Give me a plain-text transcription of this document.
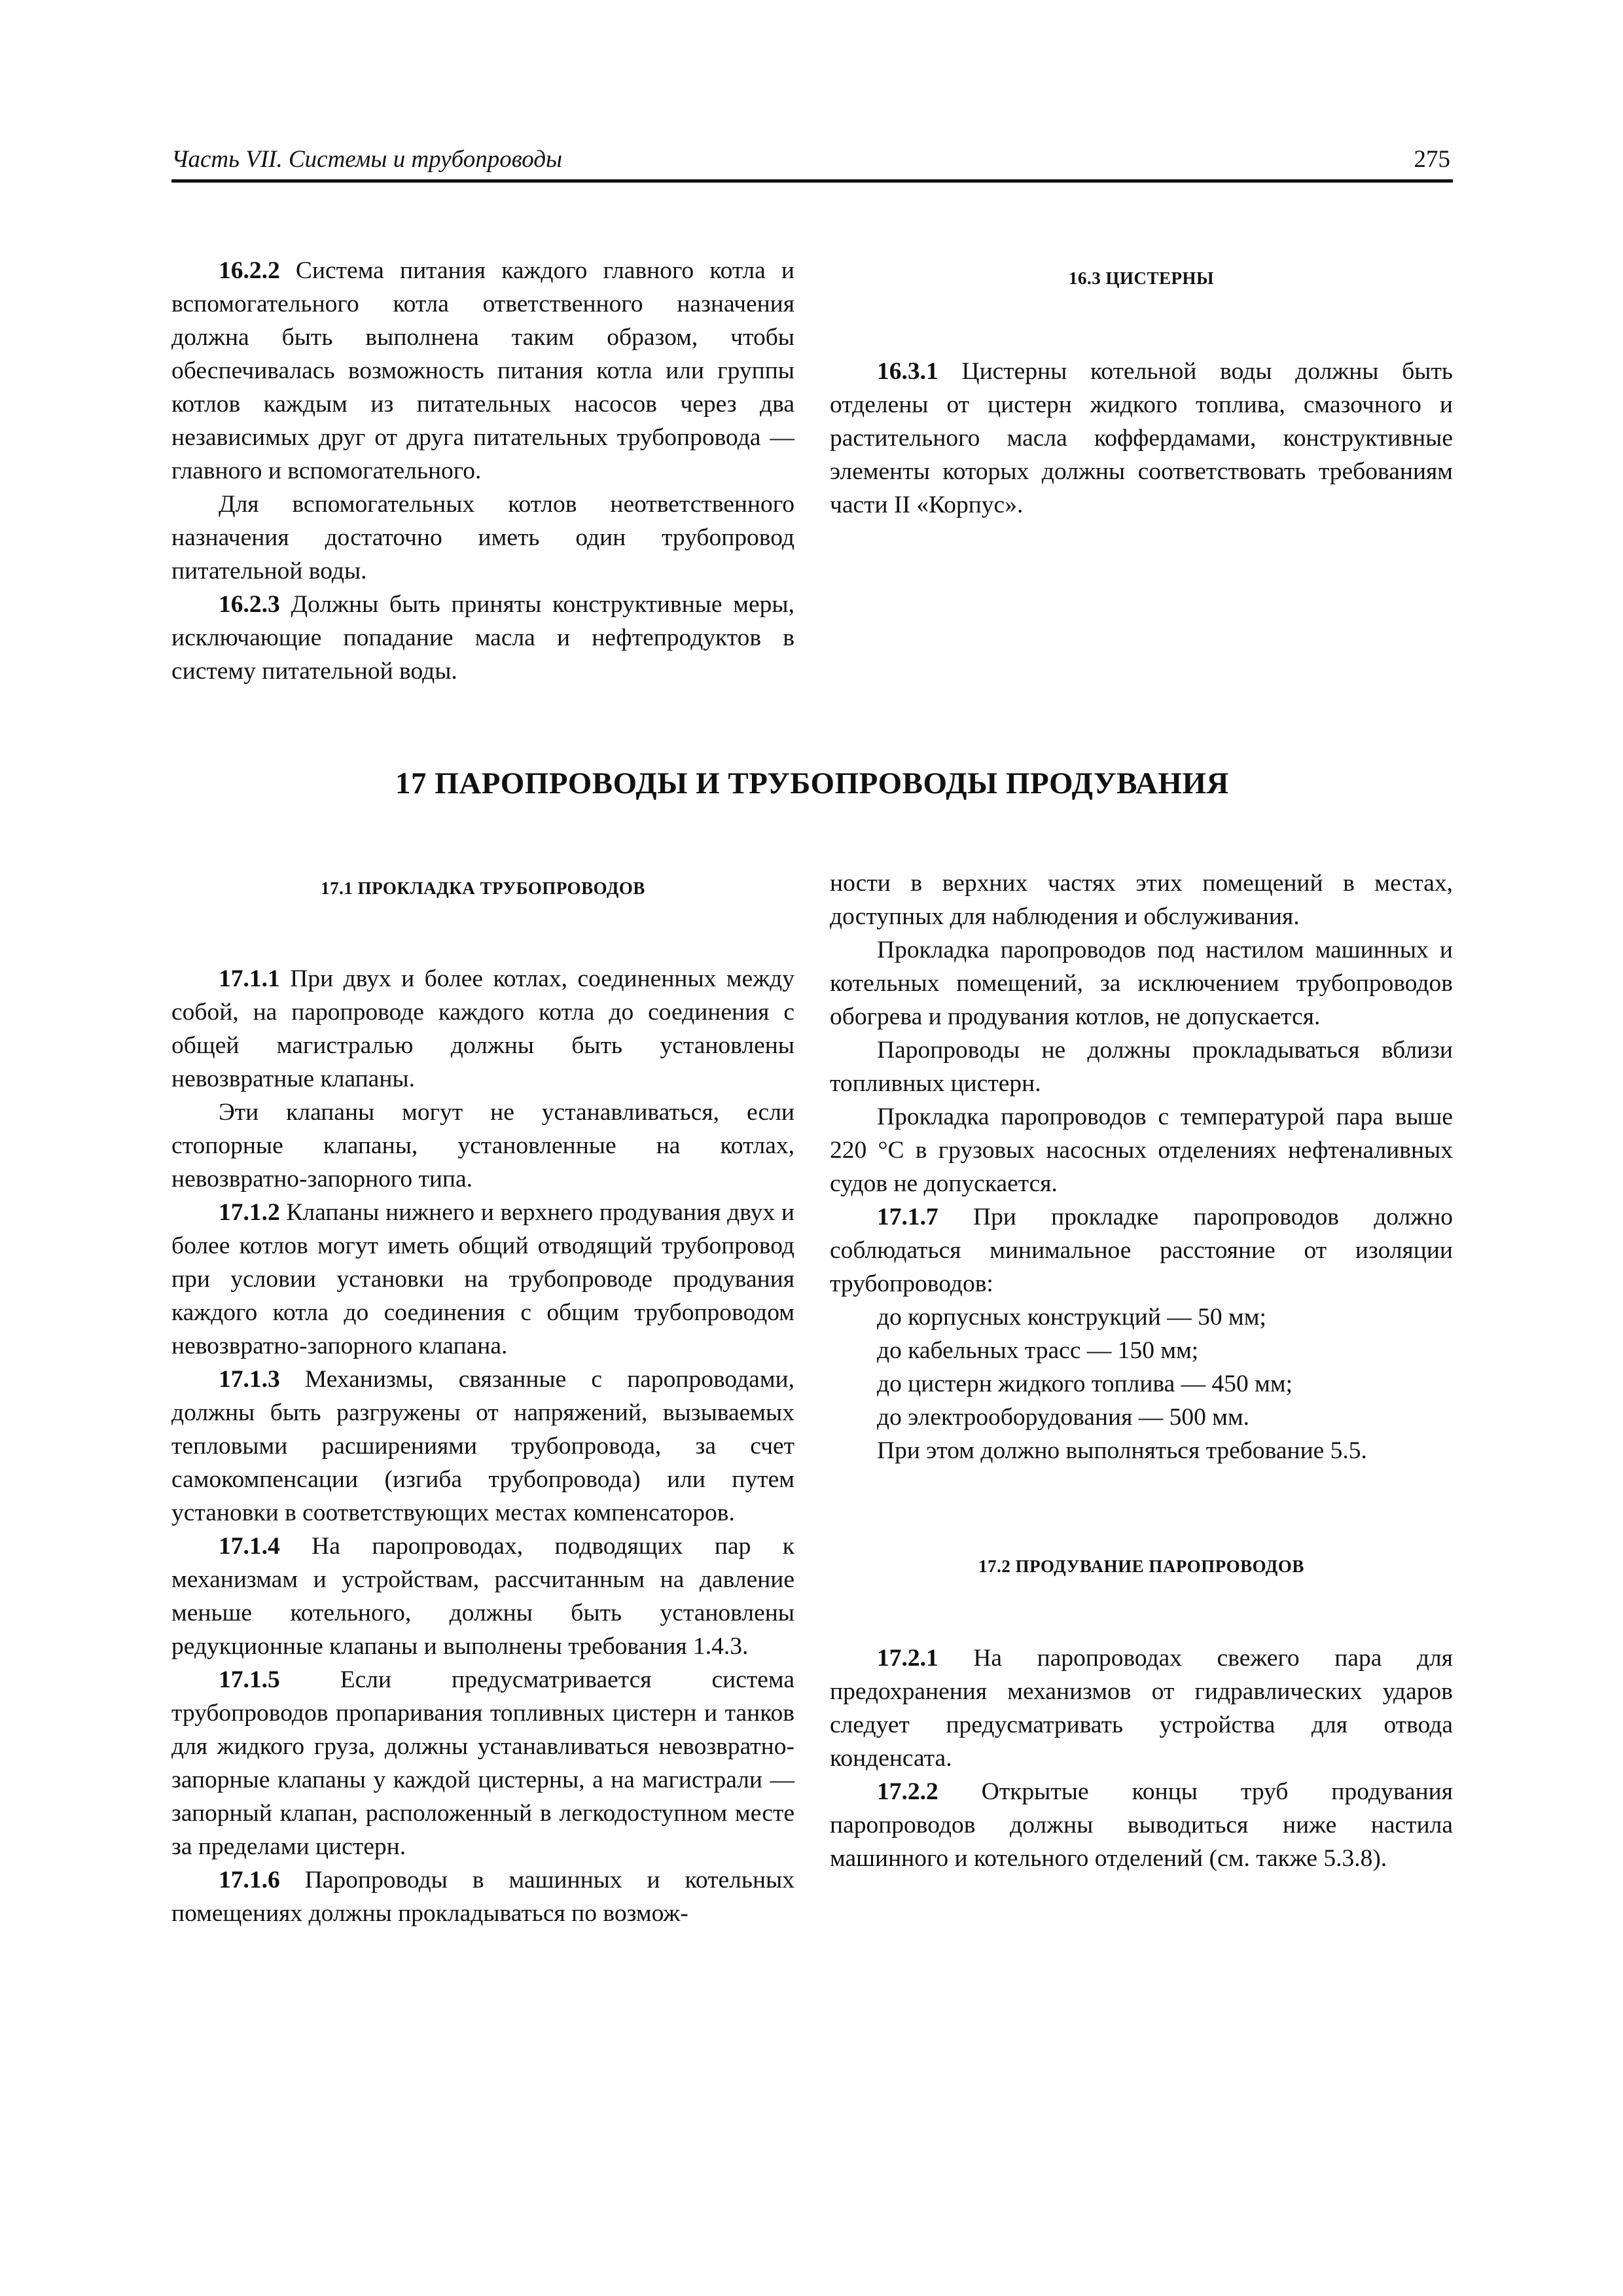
Часть VII. Системы и трубопроводы	275

16.2.2 Система питания каждого главного котла и вспомогательного котла ответственного назначения должна быть выполнена таким образом, чтобы обеспечивалась возможность питания котла или группы котлов каждым из питательных насосов через два независимых друг от друга питательных трубопровода — главного и вспомогательного.

Для вспомогательных котлов неответственного назначения достаточно иметь один трубопровод питательной воды.

16.2.3 Должны быть приняты конструктивные меры, исключающие попадание масла и нефтепродуктов в систему питательной воды.

16.3 ЦИСТЕРНЫ

16.3.1 Цистерны котельной воды должны быть отделены от цистерн жидкого топлива, смазочного и растительного масла коффердамами, конструктивные элементы которых должны соответствовать требованиям части II «Корпус».

17 ПАРОПРОВОДЫ И ТРУБОПРОВОДЫ ПРОДУВАНИЯ
17.1 ПРОКЛАДКА ТРУБОПРОВОДОВ

17.1.1 При двух и более котлах, соединенных между собой, на паропроводе каждого котла до соединения с общей магистралью должны быть установлены невозвратные клапаны.

Эти клапаны могут не устанавливаться, если стопорные клапаны, установленные на котлах, невозвратно-запорного типа.

17.1.2 Клапаны нижнего и верхнего продувания двух и более котлов могут иметь общий отводящий трубопровод при условии установки на трубопроводе продувания каждого котла до соединения с общим трубопроводом невозвратно-запорного клапана.

17.1.3 Механизмы, связанные с паропроводами, должны быть разгружены от напряжений, вызываемых тепловыми расширениями трубопровода, за счет самокомпенсации (изгиба трубопровода) или путем установки в соответствующих местах компенсаторов.

17.1.4 На паропроводах, подводящих пар к механизмам и устройствам, рассчитанным на давление меньше котельного, должны быть установлены редукционные клапаны и выполнены требования 1.4.3.

17.1.5 Если предусматривается система трубопроводов пропаривания топливных цистерн и танков для жидкого груза, должны устанавливаться невозвратно-запорные клапаны у каждой цистерны, а на магистрали — запорный клапан, расположенный в легкодоступном месте за пределами цистерн.

17.1.6 Паропроводы в машинных и котельных помещениях должны прокладываться по возмож-

ности в верхних частях этих помещений в местах, доступных для наблюдения и обслуживания.

Прокладка паропроводов под настилом машинных и котельных помещений, за исключением трубопроводов обогрева и продувания котлов, не допускается.

Паропроводы не должны прокладываться вблизи топливных цистерн.

Прокладка паропроводов с температурой пара выше 220 °С в грузовых насосных отделениях нефтеналивных судов не допускается.

17.1.7 При прокладке паропроводов должно соблюдаться минимальное расстояние от изоляции трубопроводов:

до корпусных конструкций — 50 мм;

до кабельных трасс — 150 мм;

до цистерн жидкого топлива — 450 мм;

до электрооборудования — 500 мм.

При этом должно выполняться требование 5.5.

17.2 ПРОДУВАНИЕ ПАРОПРОВОДОВ

17.2.1 На паропроводах свежего пара для предохранения механизмов от гидравлических ударов следует предусматривать устройства для отвода конденсата.

17.2.2 Открытые концы труб продувания паропроводов должны выводиться ниже настила машинного и котельного отделений (см. также 5.3.8).
